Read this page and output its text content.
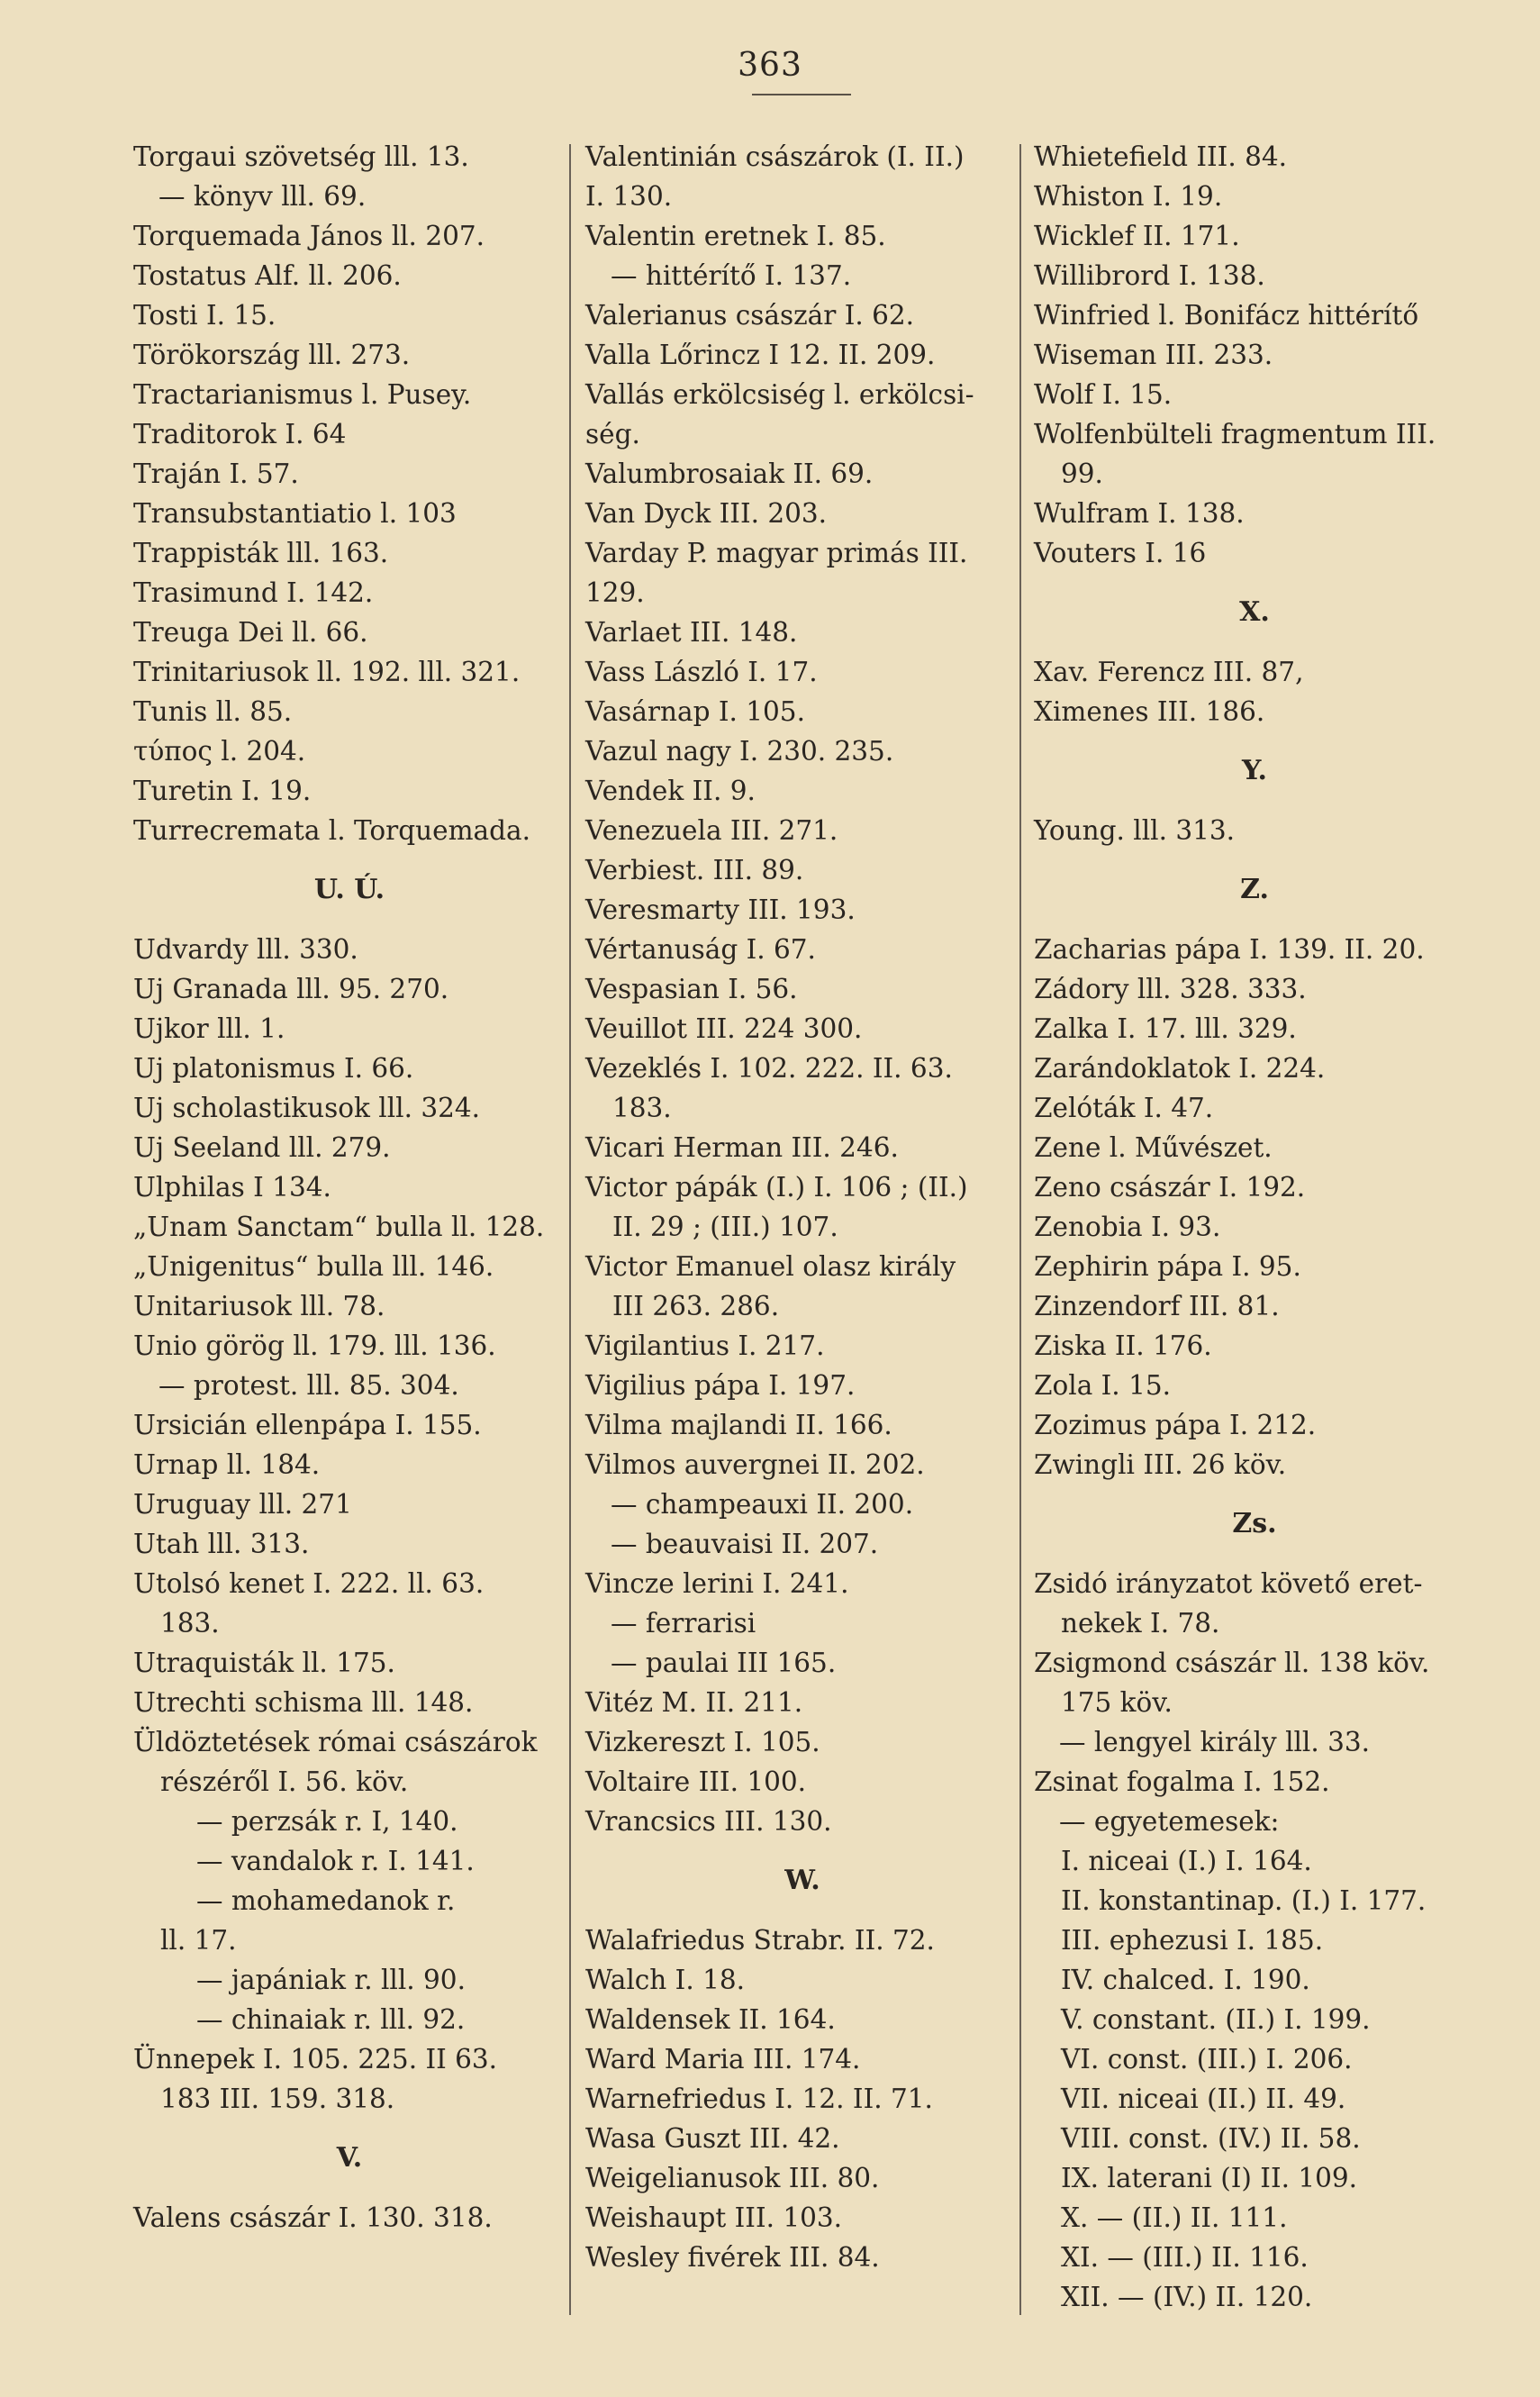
363
Torgaui szövetség lll. 13.
— könyv lll. 69.
Torquemada János ll. 207.
Tostatus Alf. ll. 206.
Tosti I. 15.
Törökország lll. 273.
Tractarianismus l. Pusey.
Traditorok I. 64
Traján I. 57.
Transubstantiatio l. 103
Trappisták lll. 163.
Trasimund I. 142.
Treuga Dei ll. 66.
Trinitariusok ll. 192. lll. 321.
Tunis ll. 85.
τύπος l. 204.
Turetin I. 19.
Turrecremata l. Torquemada.
U. Ú.
Udvardy lll. 330.
Uj Granada lll. 95. 270.
Ujkor lll. 1.
Uj platonismus I. 66.
Uj scholastikusok lll. 324.
Uj Seeland lll. 279.
Ulphilas I 134.
„Unam Sanctam“ bulla ll. 128.
„Unigenitus“ bulla lll. 146.
Unitariusok lll. 78.
Unio görög ll. 179. lll. 136.
— protest. lll. 85. 304.
Ursicián ellenpápa I. 155.
Urnap ll. 184.
Uruguay lll. 271
Utah lll. 313.
Utolsó kenet I. 222. ll. 63.
183.
Utraquisták ll. 175.
Utrechti schisma lll. 148.
Üldöztetések római császárok
részéről I. 56. köv.
— perzsák r. I, 140.
— vandalok r. I. 141.
— mohamedanok r.
ll. 17.
— japániak r. lll. 90.
— chinaiak r. lll. 92.
Ünnepek I. 105. 225. II 63.
183 III. 159. 318.
V.
Valens császár I. 130. 318.
Valentinián császárok (I. II.)
I. 130.
Valentin eretnek I. 85.
— hittérítő I. 137.
Valerianus császár I. 62.
Valla Lőrincz I 12. II. 209.
Vallás erkölcsiség l. erkölcsi-
ség.
Valumbrosaiak II. 69.
Van Dyck III. 203.
Varday P. magyar primás III.
129.
Varlaet III. 148.
Vass László I. 17.
Vasárnap I. 105.
Vazul nagy I. 230. 235.
Vendek II. 9.
Venezuela III. 271.
Verbiest. III. 89.
Veresmarty III. 193.
Vértanuság I. 67.
Vespasian I. 56.
Veuillot III. 224 300.
Vezeklés I. 102. 222. II. 63.
183.
Vicari Herman III. 246.
Victor pápák (I.) I. 106 ; (II.)
II. 29 ; (III.) 107.
Victor Emanuel olasz király
III 263. 286.
Vigilantius I. 217.
Vigilius pápa I. 197.
Vilma majlandi II. 166.
Vilmos auvergnei II. 202.
— champeauxi II. 200.
— beauvaisi II. 207.
Vincze lerini I. 241.
— ferrarisi
— paulai III 165.
Vitéz M. II. 211.
Vizkereszt I. 105.
Voltaire III. 100.
Vrancsics III. 130.
W.
Walafriedus Strabr. II. 72.
Walch I. 18.
Waldensek II. 164.
Ward Maria III. 174.
Warnefriedus I. 12. II. 71.
Wasa Guszt III. 42.
Weigelianusok III. 80.
Weishaupt III. 103.
Wesley fivérek III. 84.
Whietefield III. 84.
Whiston I. 19.
Wicklef II. 171.
Willibrord I. 138.
Winfried l. Bonifácz hittérítő
Wiseman III. 233.
Wolf I. 15.
Wolfenbülteli fragmentum III.
99.
Wulfram I. 138.
Vouters I. 16
X.
Xav. Ferencz III. 87,
Ximenes III. 186.
Y.
Young. lll. 313.
Z.
Zacharias pápa I. 139. II. 20.
Zádory lll. 328. 333.
Zalka I. 17. lll. 329.
Zarándoklatok I. 224.
Zelóták I. 47.
Zene l. Művészet.
Zeno császár I. 192.
Zenobia I. 93.
Zephirin pápa I. 95.
Zinzendorf III. 81.
Ziska II. 176.
Zola I. 15.
Zozimus pápa I. 212.
Zwingli III. 26 köv.
Zs.
Zsidó irányzatot követő eret-
nekek I. 78.
Zsigmond császár ll. 138 köv.
175 köv.
— lengyel király lll. 33.
Zsinat fogalma I. 152.
— egyetemesek:
I. niceai (I.) I. 164.
II. konstantinap. (I.) I. 177.
III. ephezusi I. 185.
IV. chalced. I. 190.
V. constant. (II.) I. 199.
VI. const. (III.) I. 206.
VII. niceai (II.) II. 49.
VIII. const. (IV.) II. 58.
IX. laterani (I) II. 109.
X. — (II.) II. 111.
XI. — (III.) II. 116.
XII. — (IV.) II. 120.
